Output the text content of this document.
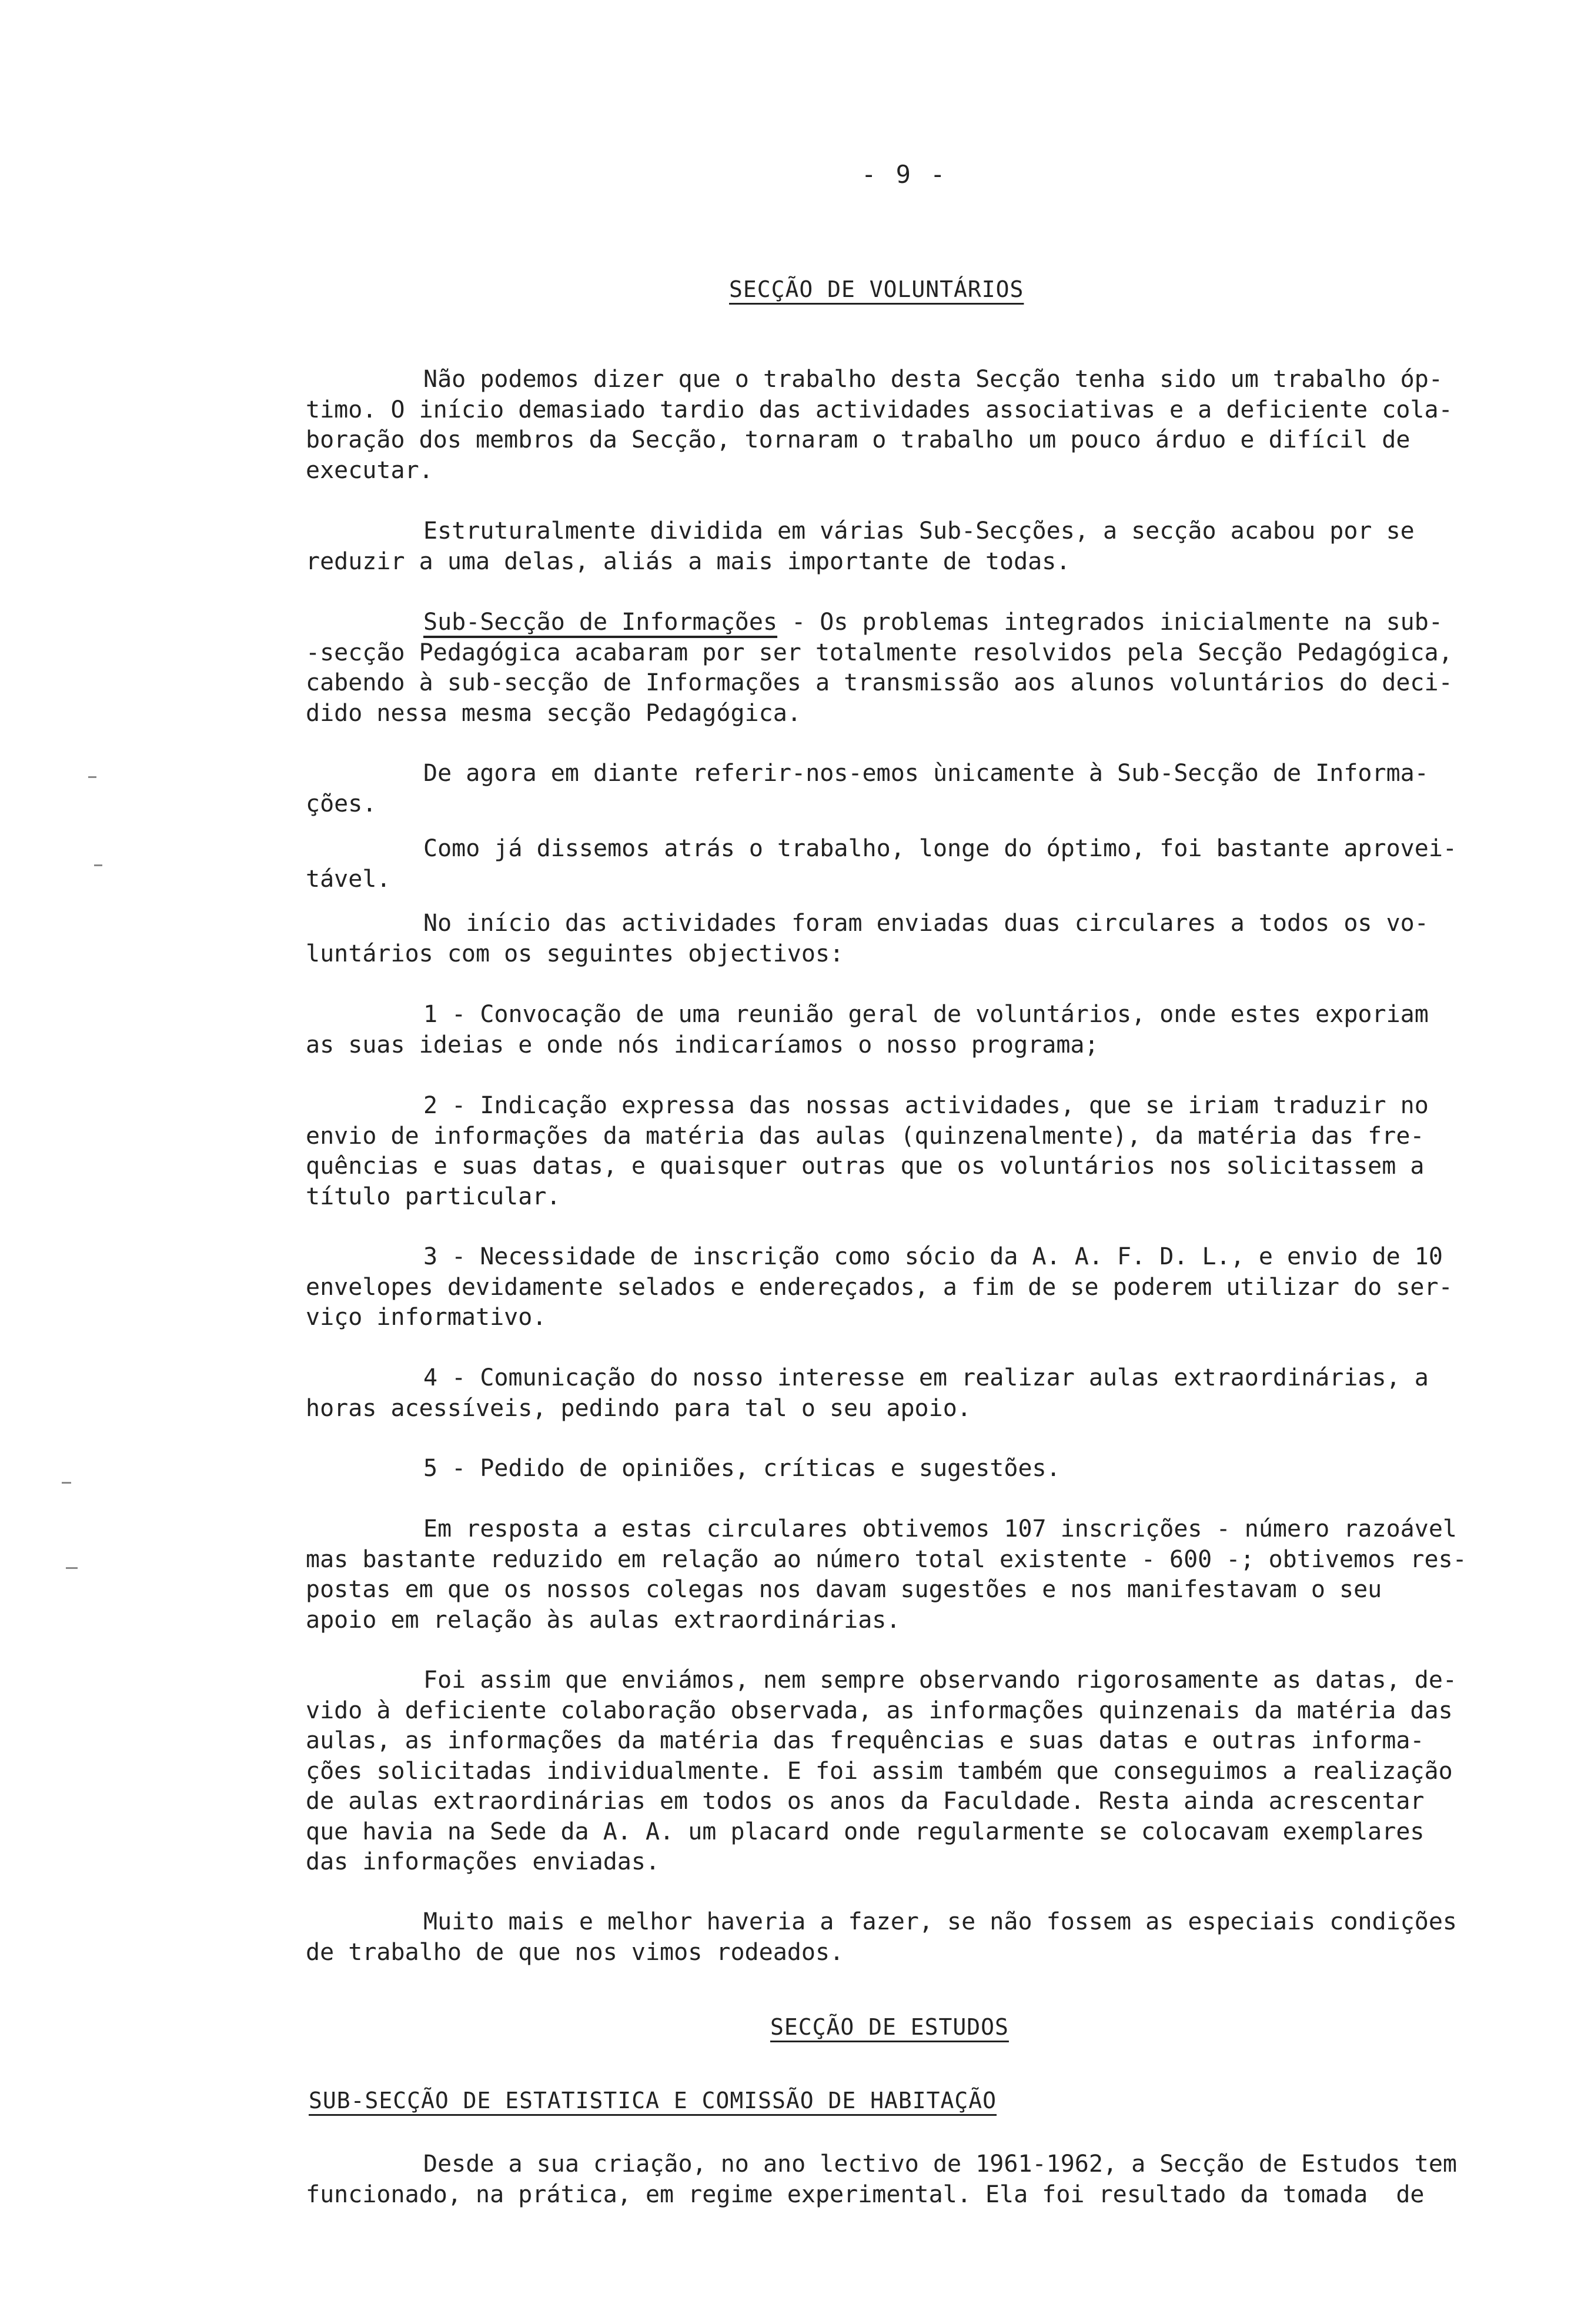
- 9 -
SECÇÃO DE VOLUNTÁRIOS
Não podemos dizer que o trabalho desta Secção tenha sido um trabalho óp-
timo. O início demasiado tardio das actividades associativas e a deficiente cola-
boração dos membros da Secção, tornaram o trabalho um pouco árduo e difícil de
executar.
Estruturalmente dividida em várias Sub-Secções, a secção acabou por se
reduzir a uma delas, aliás a mais importante de todas.
Sub-Secção de Informações - Os problemas integrados inicialmente na sub-
-secção Pedagógica acabaram por ser totalmente resolvidos pela Secção Pedagógica,
cabendo à sub-secção de Informações a transmissão aos alunos voluntários do deci-
dido nessa mesma secção Pedagógica.
De agora em diante referir-nos-emos ùnicamente à Sub-Secção de Informa-
ções.
Como já dissemos atrás o trabalho, longe do óptimo, foi bastante aprovei-
tável.
No início das actividades foram enviadas duas circulares a todos os vo-
luntários com os seguintes objectivos:
1 - Convocação de uma reunião geral de voluntários, onde estes exporiam
as suas ideias e onde nós indicaríamos o nosso programa;
2 - Indicação expressa das nossas actividades, que se iriam traduzir no
envio de informações da matéria das aulas (quinzenalmente), da matéria das fre-
quências e suas datas, e quaisquer outras que os voluntários nos solicitassem a
título particular.
3 - Necessidade de inscrição como sócio da A. A. F. D. L., e envio de 10
envelopes devidamente selados e endereçados, a fim de se poderem utilizar do ser-
viço informativo.
4 - Comunicação do nosso interesse em realizar aulas extraordinárias, a
horas acessíveis, pedindo para tal o seu apoio.
5 - Pedido de opiniões, críticas e sugestões.
Em resposta a estas circulares obtivemos 107 inscrições - número razoável
mas bastante reduzido em relação ao número total existente - 600 -; obtivemos res-
postas em que os nossos colegas nos davam sugestões e nos manifestavam o seu
apoio em relação às aulas extraordinárias.
Foi assim que enviámos, nem sempre observando rigorosamente as datas, de-
vido à deficiente colaboração observada, as informações quinzenais da matéria das
aulas, as informações da matéria das frequências e suas datas e outras informa-
ções solicitadas individualmente. E foi assim também que conseguimos a realização
de aulas extraordinárias em todos os anos da Faculdade. Resta ainda acrescentar
que havia na Sede da A. A. um placard onde regularmente se colocavam exemplares
das informações enviadas.
Muito mais e melhor haveria a fazer, se não fossem as especiais condições
de trabalho de que nos vimos rodeados.
SECÇÃO DE ESTUDOS
SUB-SECÇÃO DE ESTATISTICA E COMISSÃO DE HABITAÇÃO
Desde a sua criação, no ano lectivo de 1961-1962, a Secção de Estudos tem
funcionado, na prática, em regime experimental. Ela foi resultado da tomada  de
